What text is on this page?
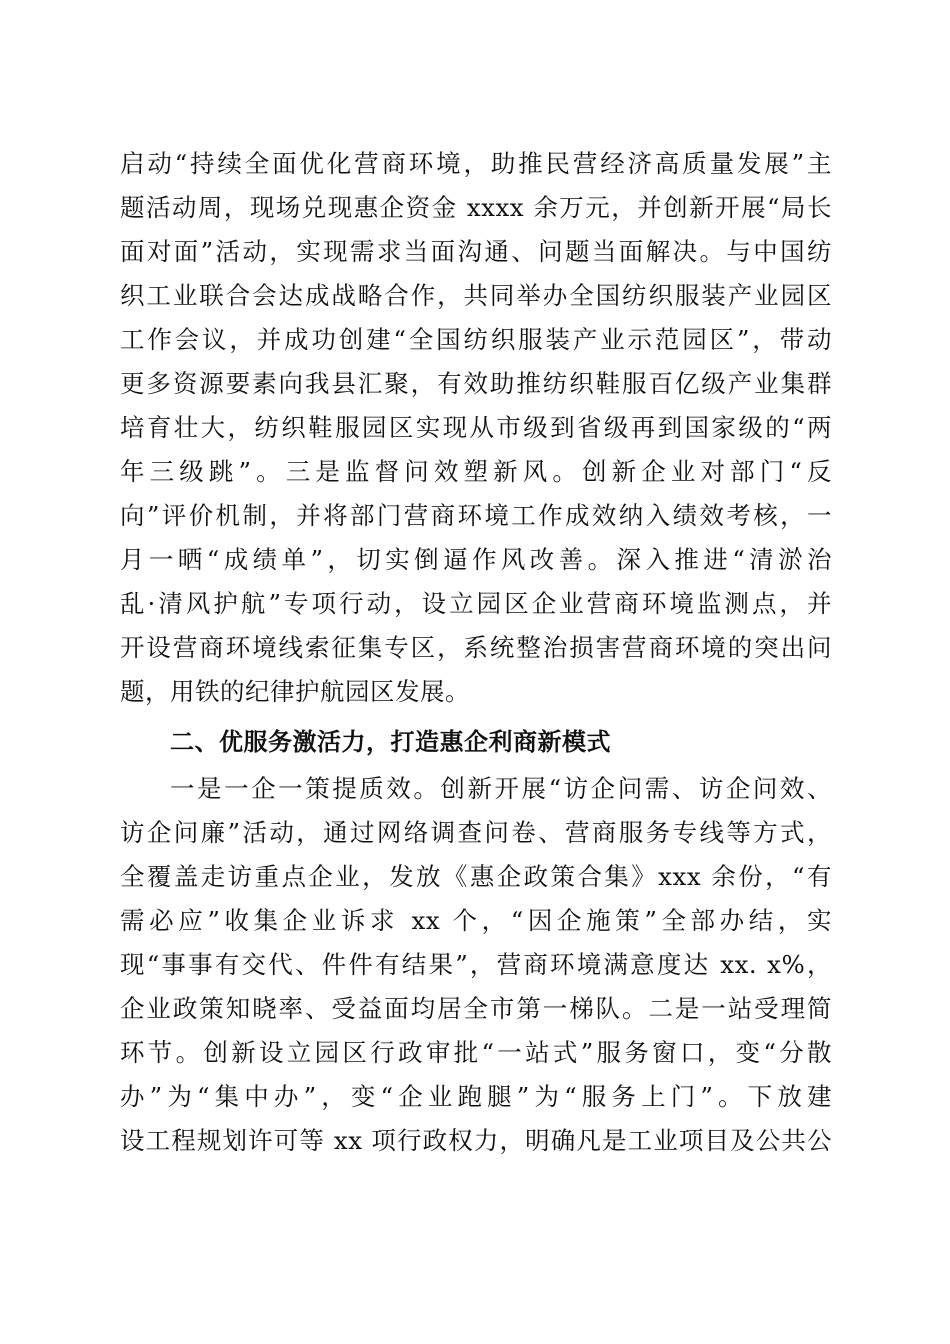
启动“持续全面优化营商环境，助推民营经济高质量发展”主
题活动周，现场兑现惠企资金 xxxx 余万元，并创新开展“局长
面对面”活动，实现需求当面沟通、问题当面解决。与中国纺
织工业联合会达成战略合作，共同举办全国纺织服装产业园区
工作会议，并成功创建“全国纺织服装产业示范园区”，带动
更多资源要素向我县汇聚，有效助推纺织鞋服百亿级产业集群
培育壮大，纺织鞋服园区实现从市级到省级再到国家级的“两
年三级跳”。三是监督问效塑新风。创新企业对部门“反
向”评价机制，并将部门营商环境工作成效纳入绩效考核，一
月一晒“成绩单”，切实倒逼作风改善。深入推进“清淤治
乱·清风护航”专项行动，设立园区企业营商环境监测点，并
开设营商环境线索征集专区，系统整治损害营商环境的突出问
题，用铁的纪律护航园区发展。
二、优服务激活力，打造惠企利商新模式
一是一企一策提质效。创新开展“访企问需、访企问效、
访企问廉”活动，通过网络调查问卷、营商服务专线等方式，
全覆盖走访重点企业，发放《惠企政策合集》xxx 余份，“有
需必应”收集企业诉求 xx 个，“因企施策”全部办结，实
现“事事有交代、件件有结果”，营商环境满意度达 xx. x%，
企业政策知晓率、受益面均居全市第一梯队。二是一站受理简
环节。创新设立园区行政审批“一站式”服务窗口，变“分散
办”为“集中办”，变“企业跑腿”为“服务上门”。下放建
设工程规划许可等 xx 项行政权力，明确凡是工业项目及公共公
